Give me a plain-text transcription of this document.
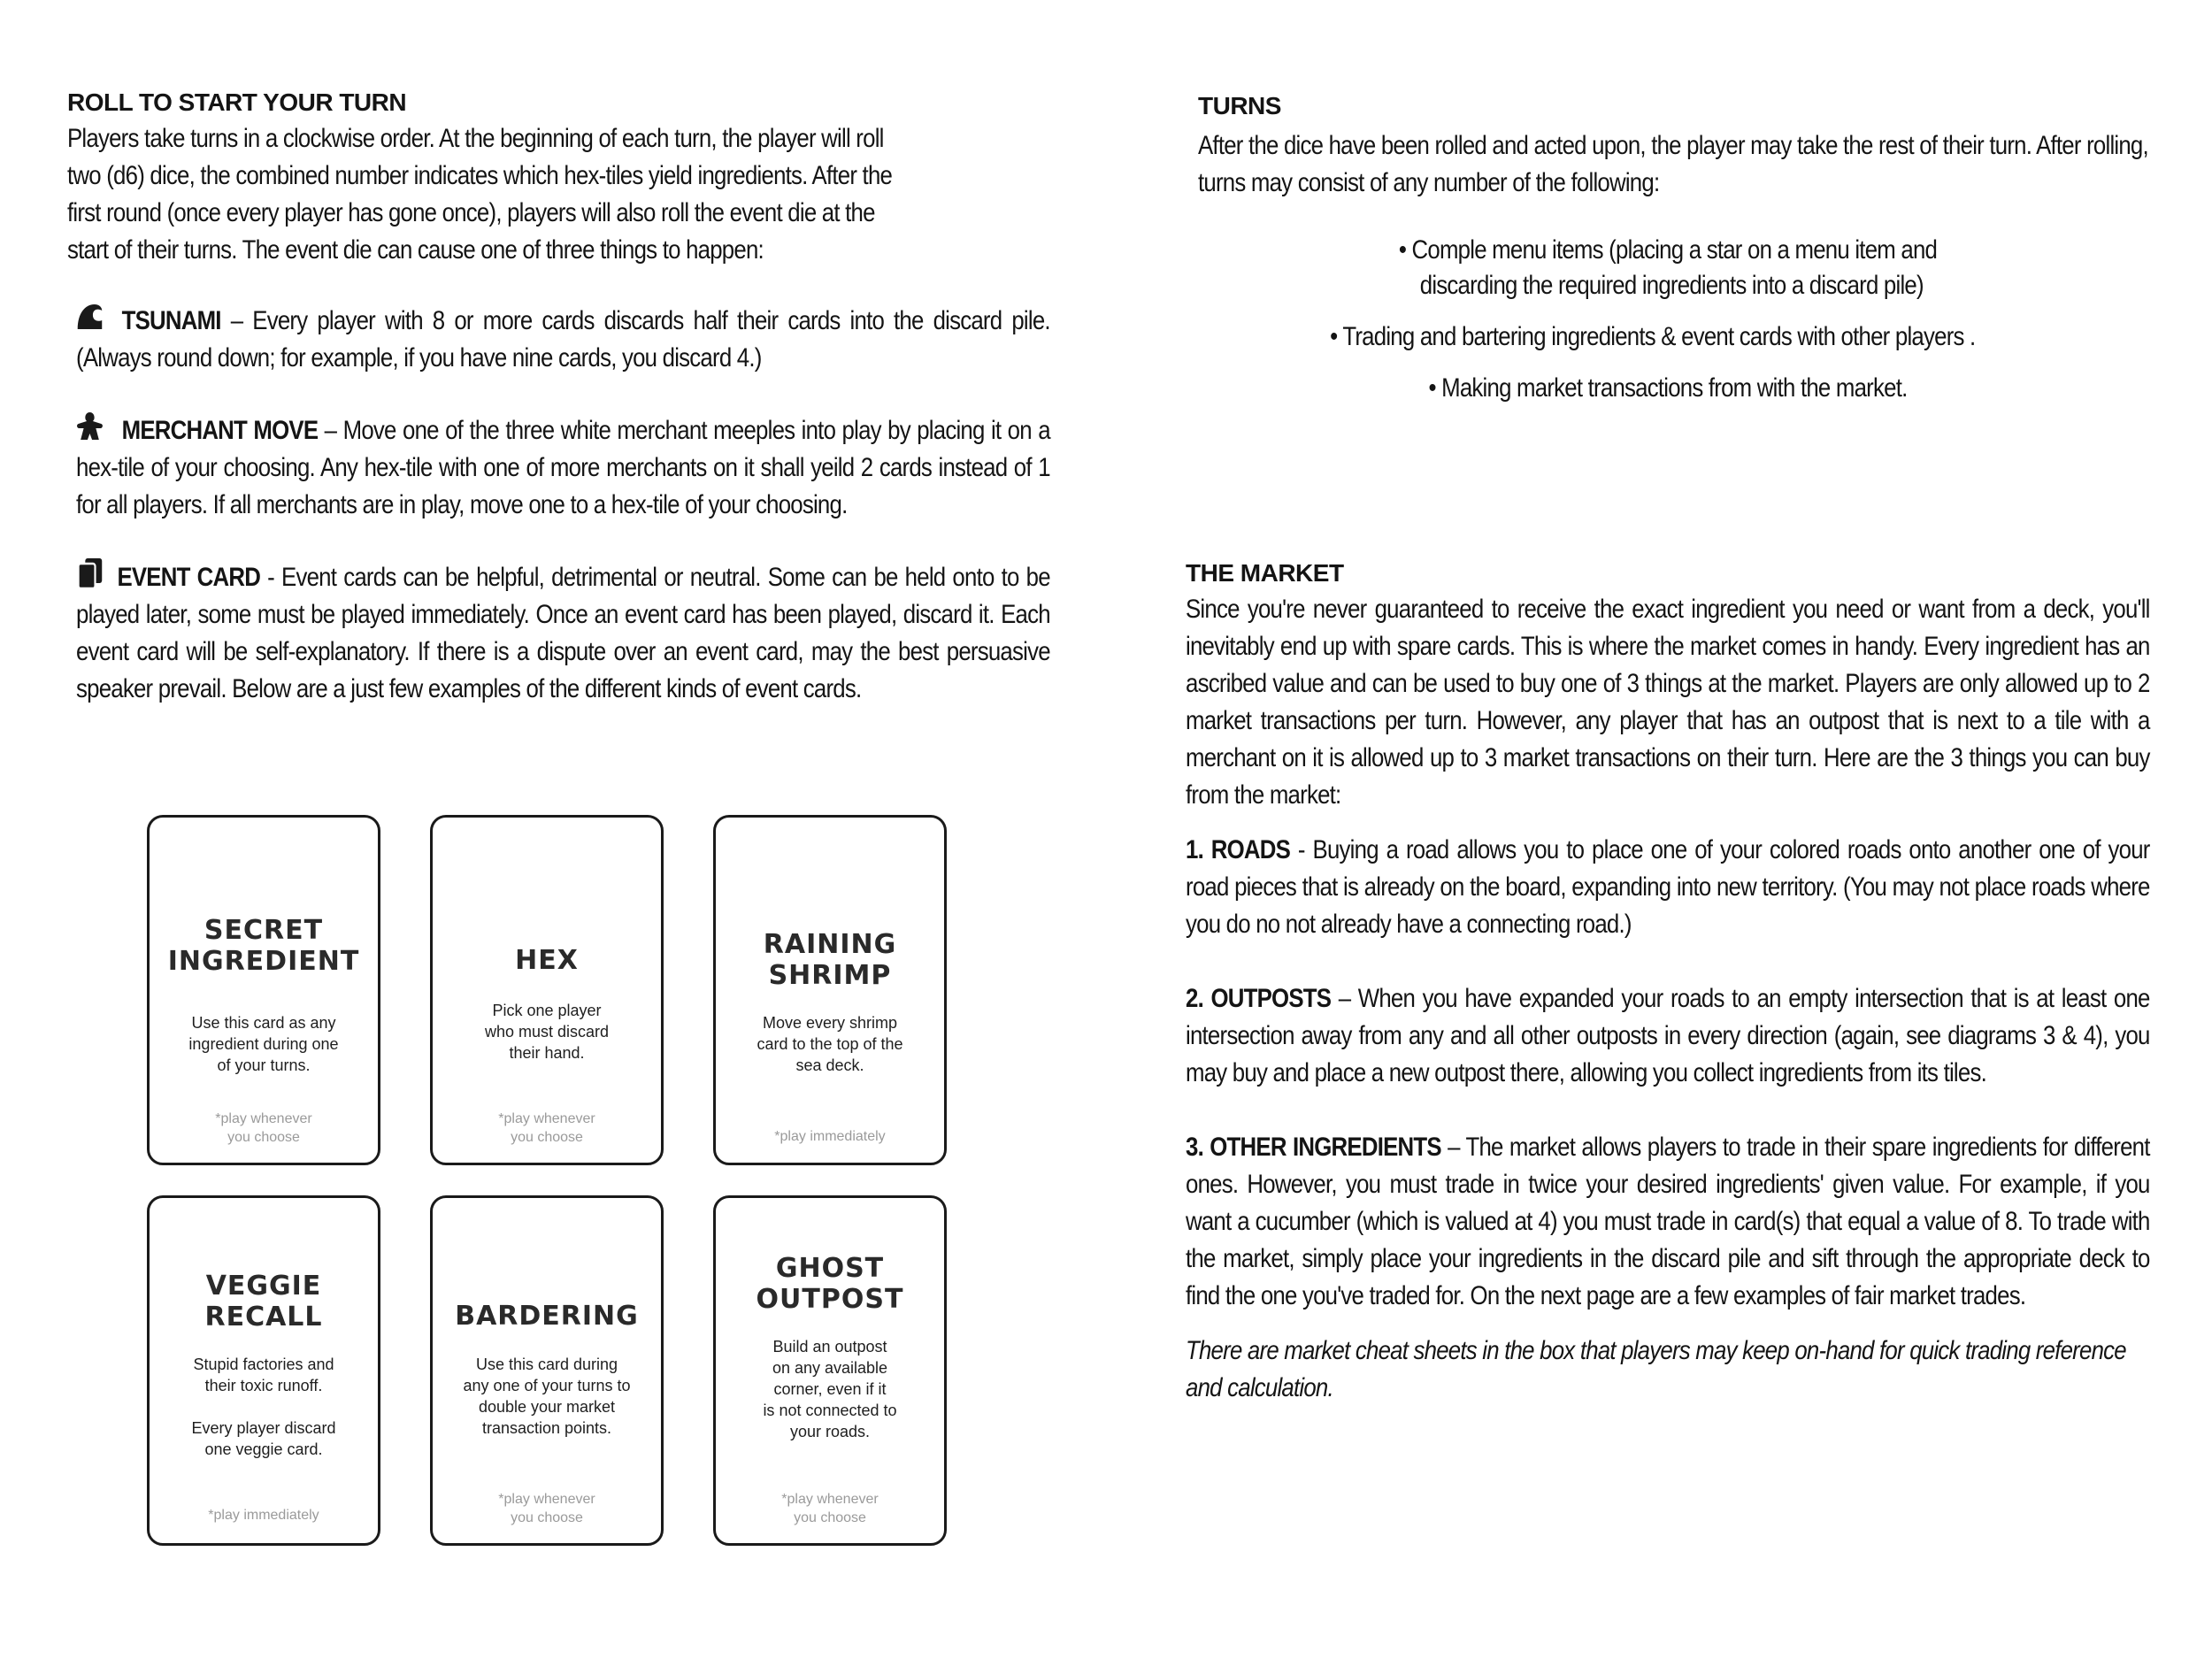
ROLL TO START YOUR TURN
Players take turns in a clockwise order. At the beginning of each turn, the player will roll two (d6) dice, the combined number indicates which hex-tiles yield ingredients. After the first round (once every player has gone once), players will also roll the event die at the start of their turns. The event die can cause one of three things to happen:
TSUNAMI – Every player with 8 or more cards discards half their cards into the discard pile. (Always round down; for example, if you have nine cards, you discard 4.)
MERCHANT MOVE – Move one of the three white merchant meeples into play by placing it on a hex-tile of your choosing. Any hex-tile with one of more merchants on it shall yeild 2 cards instead of 1 for all players. If all merchants are in play, move one to a hex-tile of your choosing.
EVENT CARD - Event cards can be helpful, detrimental or neutral. Some can be held onto to be played later, some must be played immediately. Once an event card has been played, discard it. Each event card will be self-explanatory. If there is a dispute over an event card, may the best persuasive speaker prevail. Below are a just few examples of the different kinds of event cards.
SECRET
INGREDIENT
Use this card as any
ingredient during one
of your turns.
*play whenever
you choose
HEX
Pick one player
who must discard
their hand.
*play whenever
you choose
RAINING
SHRIMP
Move every shrimp
card to the top of the
sea deck.
*play immediately
VEGGIE
RECALL
Stupid factories and
their toxic runoff.

Every player discard
one veggie card.
*play immediately
BARDERING
Use this card during
any one of your turns to
double your market
transaction points.
*play whenever
you choose
GHOST
OUTPOST
Build an outpost
on any available
corner, even if it
is not connected to
your roads.
*play whenever
you choose
TURNS
After the dice have been rolled and acted upon, the player may take the rest of their turn. After rolling, turns may consist of any number of the following:
• Comple menu items (placing a star on a menu item and
discarding the required ingredients into a discard pile)
• Trading and bartering ingredients & event cards with other players .
• Making market transactions from with the market.
THE MARKET
Since you're never guaranteed to receive the exact ingredient you need or want from a deck, you'll inevitably end up with spare cards. This is where the market comes in handy. Every ingredient has an ascribed value and can be used to buy one of 3 things at the market. Players are only allowed up to 2 market transactions per turn. However, any player that has an outpost that is next to a tile with a merchant on it is allowed up to 3 market transactions on their turn. Here are the 3 things you can buy from the market:
1. ROADS - Buying a road allows you to place one of your colored roads onto another one of your road pieces that is already on the board, expanding into new territory. (You may not place roads where you do no not already have a connecting road.)
2. OUTPOSTS – When you have expanded your roads to an empty intersection that is at least one intersection away from any and all other outposts in every direction (again, see diagrams 3 & 4), you may buy and place a new outpost there, allowing you collect ingredients from its tiles.
3. OTHER INGREDIENTS – The market allows players to trade in their spare ingredients for different ones. However, you must trade in twice your desired ingredients' given value. For example, if you want a cucumber (which is valued at 4) you must trade in card(s) that equal a value of 8. To trade with the market, simply place your ingredients in the discard pile and sift through the appropriate deck to find the one you've traded for. On the next page are a few examples of fair market trades.
There are market cheat sheets in the box that players may keep on-hand for quick trading reference and calculation.
